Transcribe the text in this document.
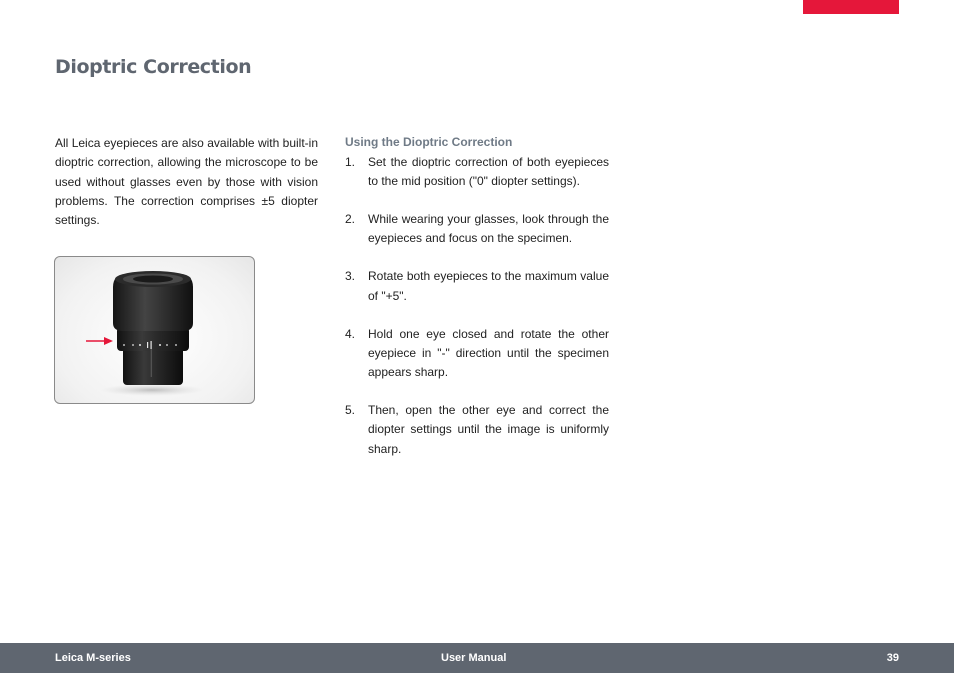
Dioptric Correction

All Leica eyepieces are also available with built-in dioptric correction, allowing the microscope to be used without glasses even by those with vision problems. The correction comprises ±5 diopter settings.

Using the Dioptric Correction
1. Set the dioptric correction of both eyepieces to the mid position ("0" diopter settings).
2. While wearing your glasses, look through the eyepieces and focus on the specimen.
3. Rotate both eyepieces to the maximum value of "+5".
4. Hold one eye closed and rotate the other eyepiece in "-" direction until the specimen appears sharp.
5. Then, open the other eye and correct the diopter settings until the image is uniformly sharp.
Leica M-series	User Manual	39
